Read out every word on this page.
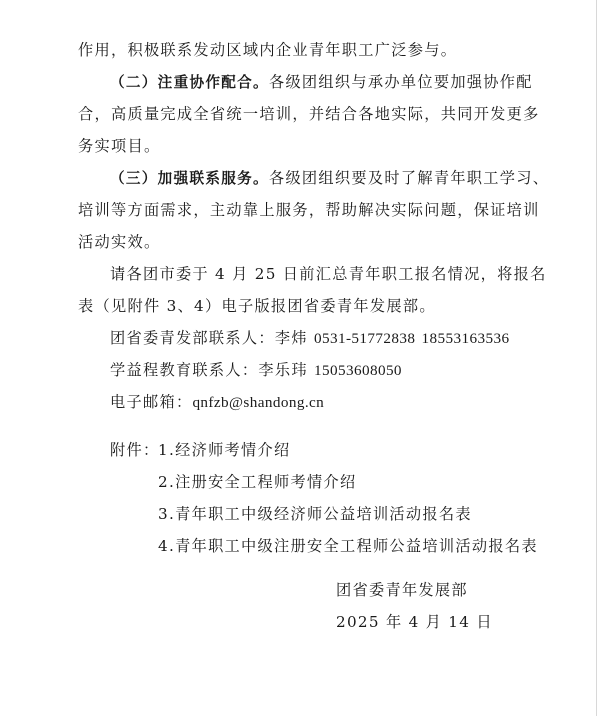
作用，积极联系发动区域内企业青年职工广泛参与。
（二）注重协作配合。各级团组织与承办单位要加强协作配
合，高质量完成全省统一培训，并结合各地实际，共同开发更多
务实项目。
（三）加强联系服务。各级团组织要及时了解青年职工学习、
培训等方面需求，主动靠上服务，帮助解决实际问题，保证培训
活动实效。
请各团市委于 4 月 25 日前汇总青年职工报名情况，将报名
表（见附件 3、4）电子版报团省委青年发展部。
团省委青发部联系人：李炜 0531-51772838 18553163536
学益程教育联系人：李乐玮 15053608050
电子邮箱：qnfzb@shandong.cn
附件：
1.经济师考情介绍
2.注册安全工程师考情介绍
3.青年职工中级经济师公益培训活动报名表
4.青年职工中级注册安全工程师公益培训活动报名表
团省委青年发展部
2025 年 4 月 14 日
